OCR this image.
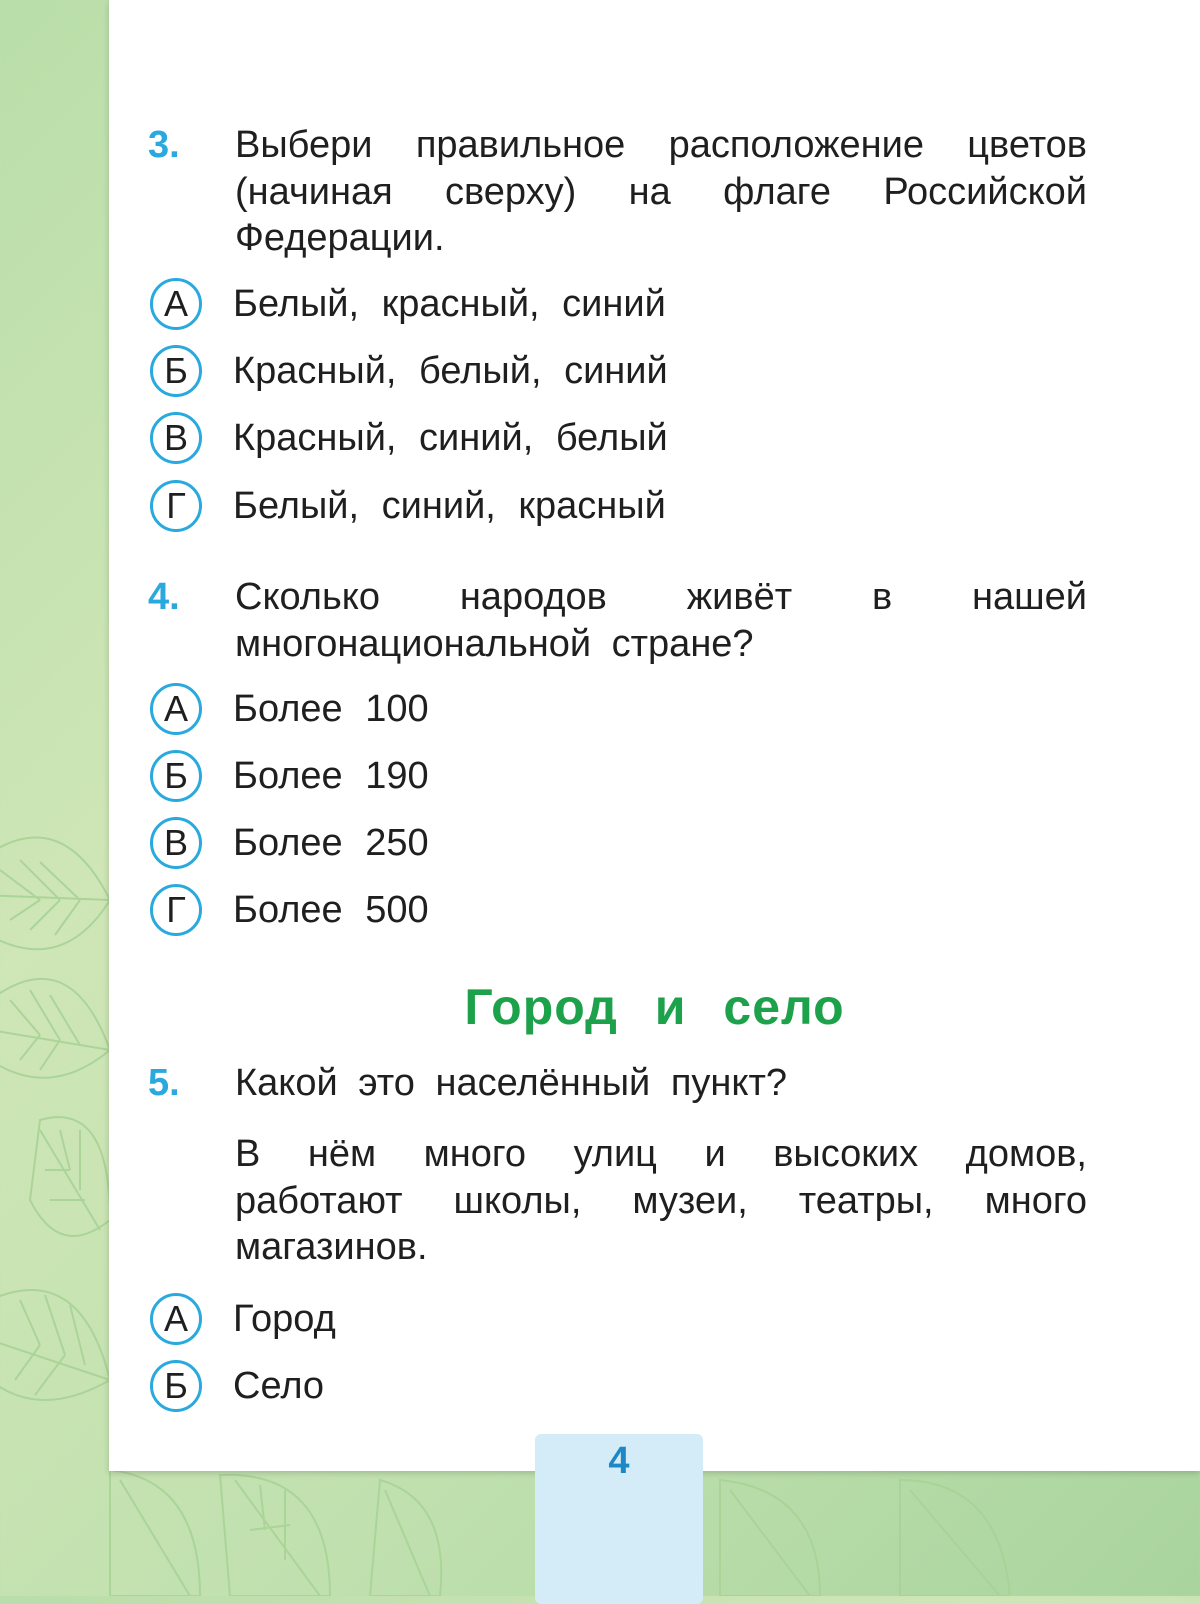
3.	Выбери правильное расположение цветов (начиная сверху) на флаге Российской Федерации.
А	Белый, красный, синий
Б	Красный, белый, синий
В	Красный, синий, белый
Г	Белый, синий, красный
4.	Сколько народов живёт в нашей многонациональной стране?
А	Более 100
Б	Более 190
В	Более 250
Г	Более 500
Город и село
5.	Какой это населённый пункт?
В нём много улиц и высоких домов, работают школы, музеи, театры, много магазинов.
А	Город
Б	Село
4
